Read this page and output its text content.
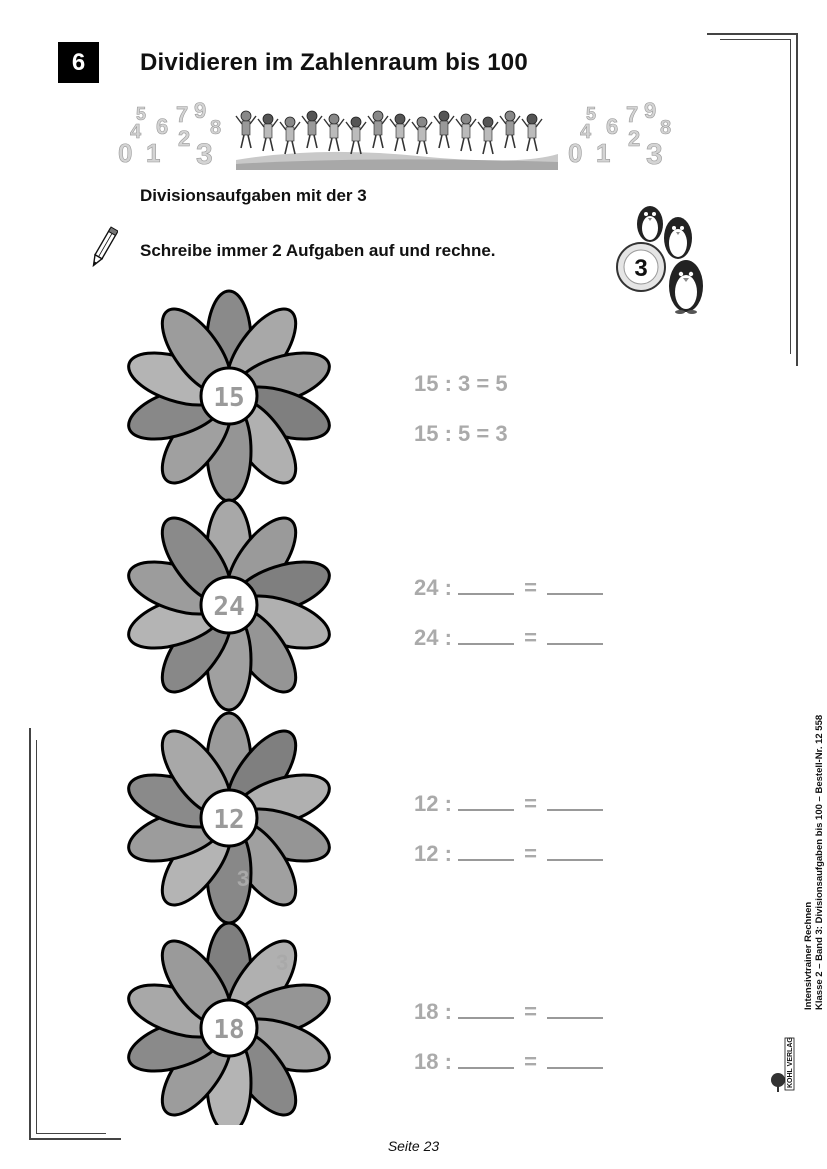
6 Dividieren im Zahlenraum bis 100
5 6 7 9
8
4 2
0 1 3
5 6 7 9
8
4 2
0 1 3
Divisionsaufgaben mit der 3
Schreibe immer 2 Aufgaben auf und rechne.
3
15
24
12
3
18
3
15 : 3 = 5
15 : 5 = 3
24 :	=
24 :	=
12 :	=
12 :	=
18 :	=
18 :	=
Intensivtrainer Rechnen Klasse 2 – Band 3: Divisionsaufgaben bis 100 – Bestell-Nr. 12 558
KOHL VERLAG
Seite 23
